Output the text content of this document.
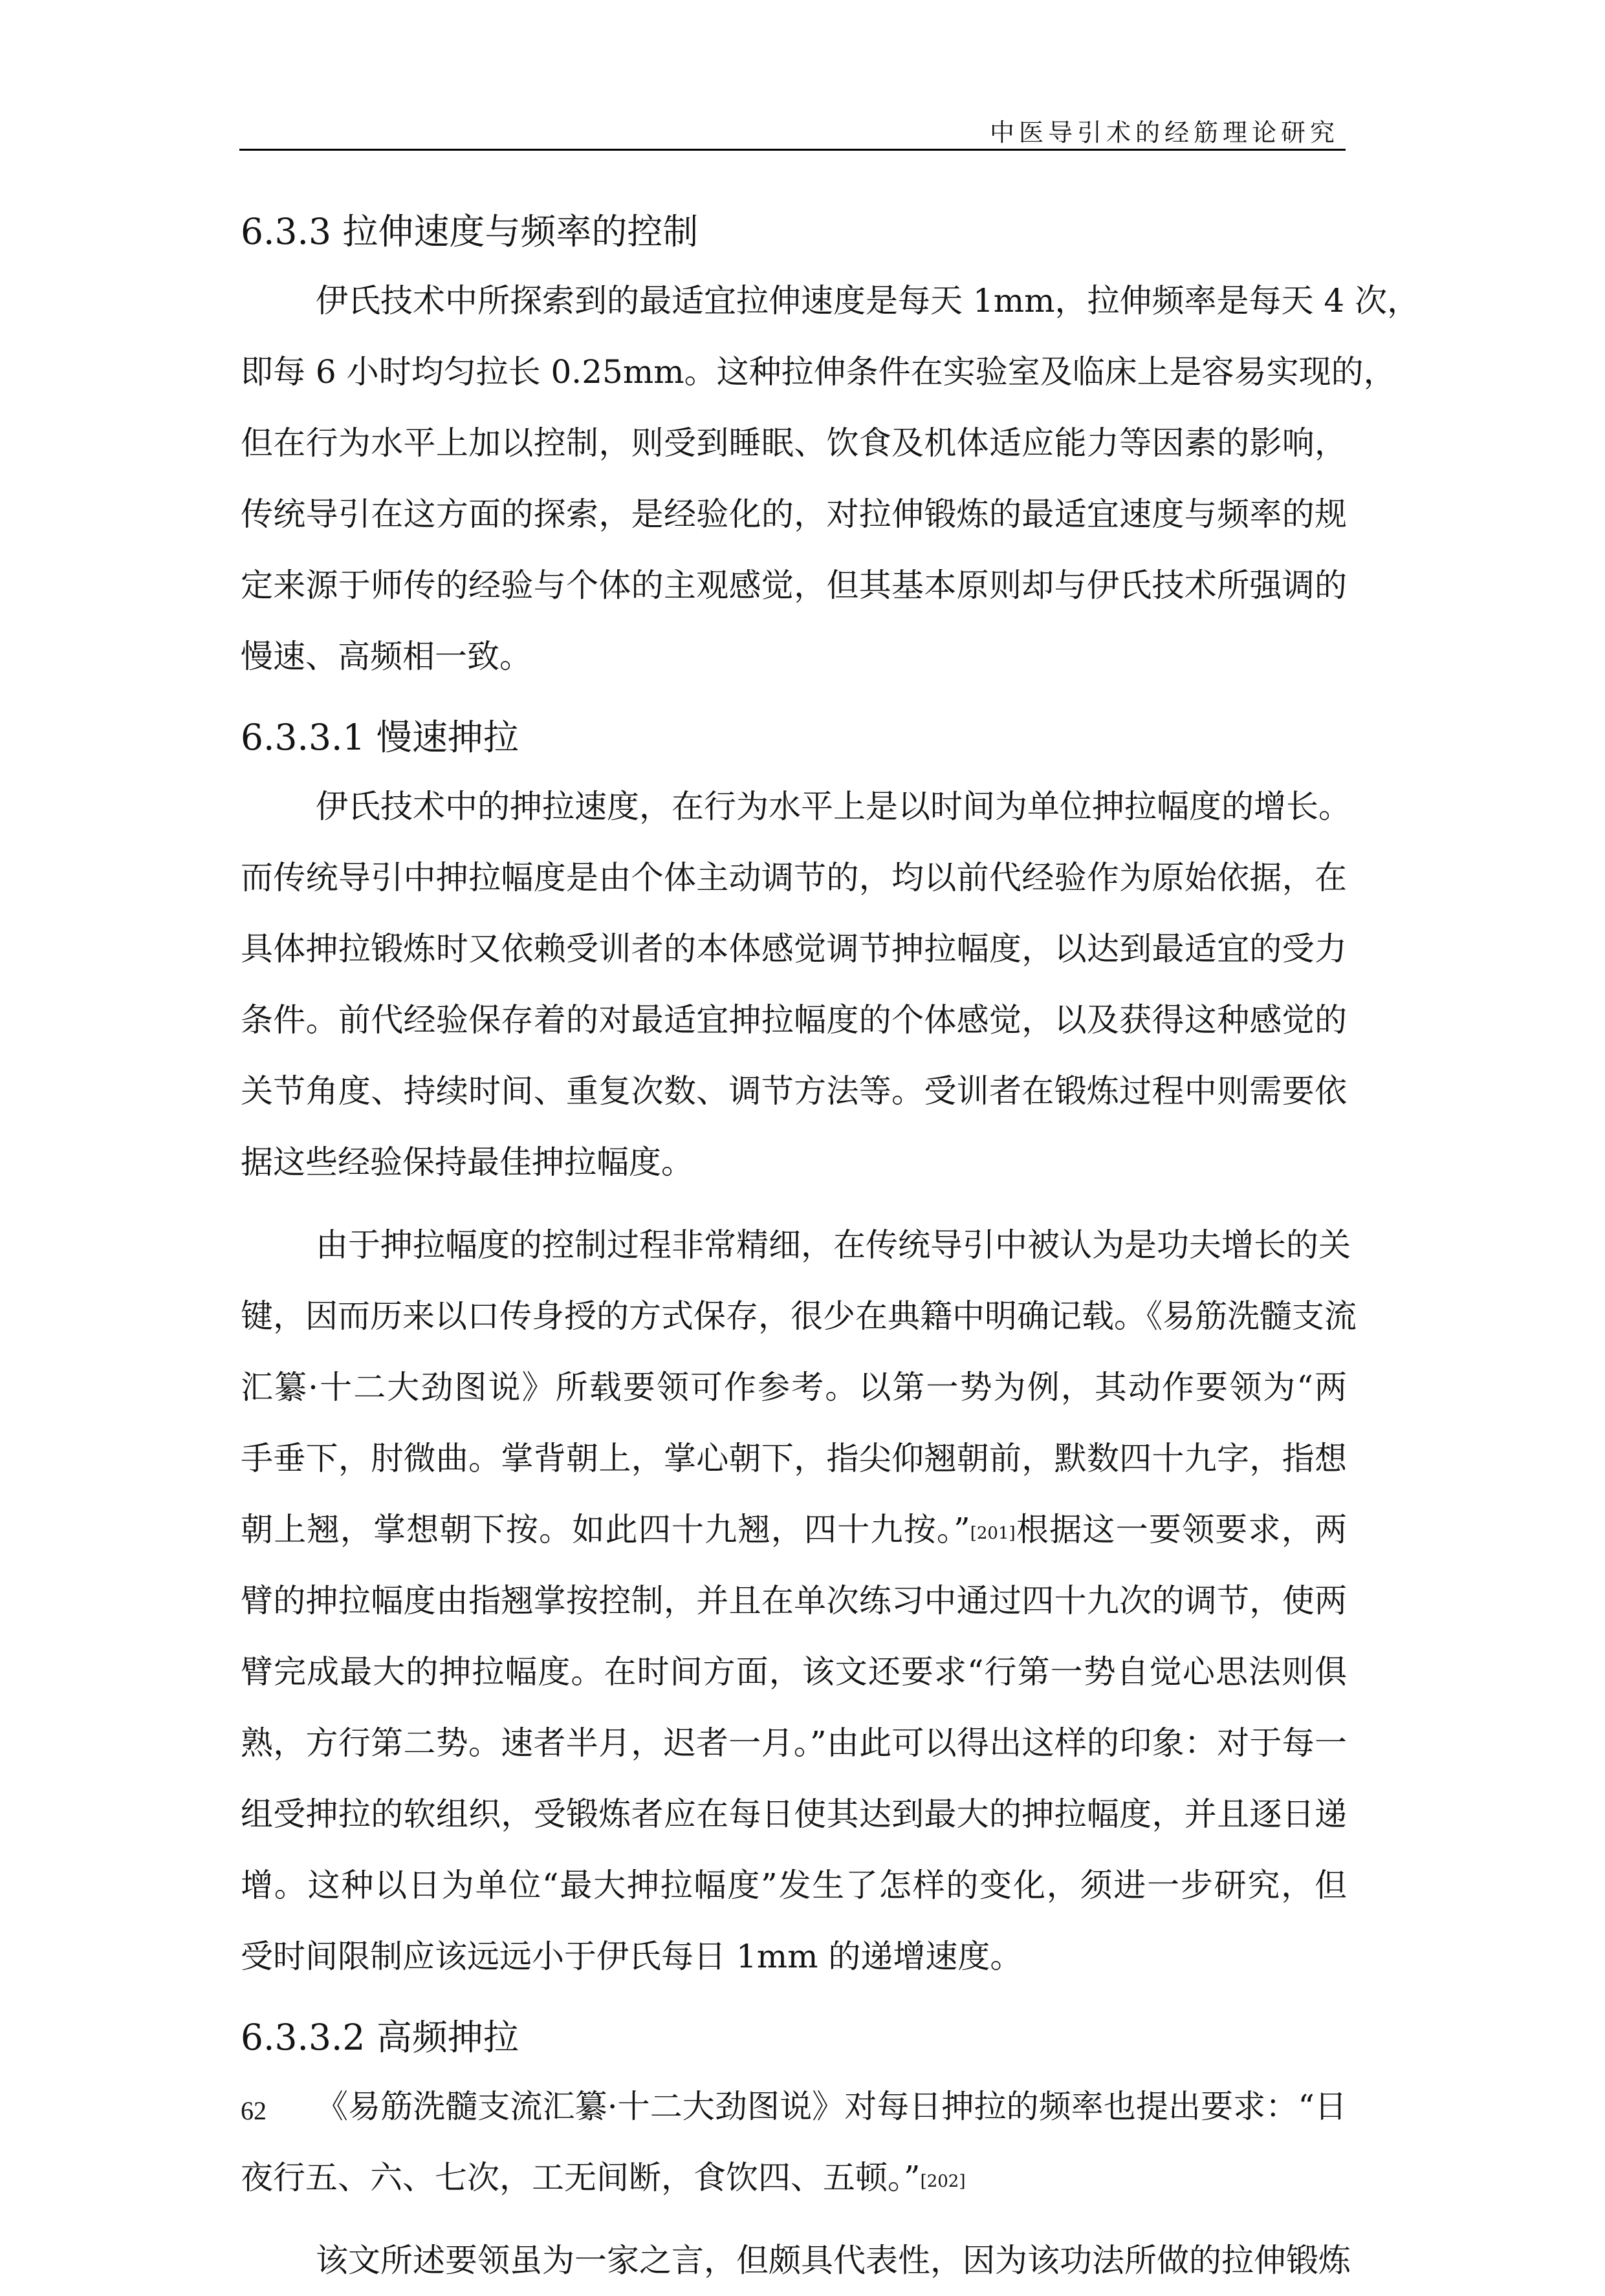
中医导引术的经筋理论研究
6.3.3 拉伸速度与频率的控制
伊氏技术中所探索到的最适宜拉伸速度是每天 1mm，拉伸频率是每天 4 次，
即每 6 小时均匀拉长 0.25mm。这种拉伸条件在实验室及临床上是容易实现的，
但在行为水平上加以控制，则受到睡眠、饮食及机体适应能力等因素的影响，
传统导引在这方面的探索，是经验化的，对拉伸锻炼的最适宜速度与频率的规
定来源于师传的经验与个体的主观感觉，但其基本原则却与伊氏技术所强调的
慢速、高频相一致。
6.3.3.1 慢速抻拉
伊氏技术中的抻拉速度，在行为水平上是以时间为单位抻拉幅度的增长。
而传统导引中抻拉幅度是由个体主动调节的，均以前代经验作为原始依据，在
具体抻拉锻炼时又依赖受训者的本体感觉调节抻拉幅度，以达到最适宜的受力
条件。前代经验保存着的对最适宜抻拉幅度的个体感觉，以及获得这种感觉的
关节角度、持续时间、重复次数、调节方法等。受训者在锻炼过程中则需要依
据这些经验保持最佳抻拉幅度。
由于抻拉幅度的控制过程非常精细，在传统导引中被认为是功夫增长的关
键，因而历来以口传身授的方式保存，很少在典籍中明确记载。《易筋洗髓支流
汇纂·十二大劲图说》所载要领可作参考。以第一势为例，其动作要领为“两
手垂下，肘微曲。掌背朝上，掌心朝下，指尖仰翘朝前，默数四十九字，指想
朝上翘，掌想朝下按。如此四十九翘，四十九按。”[201]根据这一要领要求，两
臂的抻拉幅度由指翘掌按控制，并且在单次练习中通过四十九次的调节，使两
臂完成最大的抻拉幅度。在时间方面，该文还要求“行第一势自觉心思法则俱
熟，方行第二势。速者半月，迟者一月。”由此可以得出这样的印象：对于每一
组受抻拉的软组织，受锻炼者应在每日使其达到最大的抻拉幅度，并且逐日递
增。这种以日为单位“最大抻拉幅度”发生了怎样的变化，须进一步研究，但
受时间限制应该远远小于伊氏每日 1mm 的递增速度。
6.3.3.2 高频抻拉
《易筋洗髓支流汇纂·十二大劲图说》对每日抻拉的频率也提出要求：“日
夜行五、六、七次，工无间断，食饮四、五顿。”[202]
该文所述要领虽为一家之言，但颇具代表性，因为该功法所做的拉伸锻炼
62
